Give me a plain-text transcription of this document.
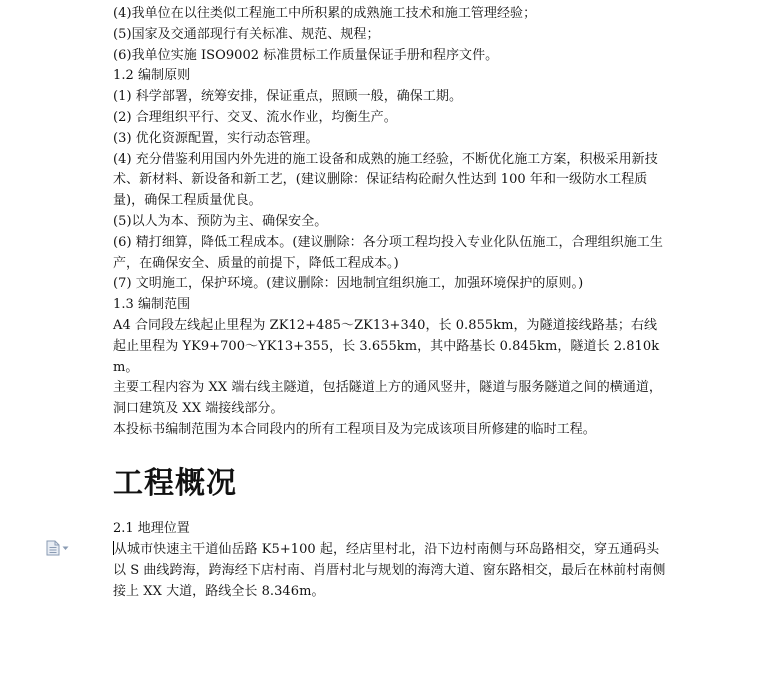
(4)我单位在以往类似工程施工中所积累的成熟施工技术和施工管理经验；

(5)国家及交通部现行有关标准、规范、规程；

(6)我单位实施 ISO9002 标准贯标工作质量保证手册和程序文件。

1.2 编制原则

(1) 科学部署，统筹安排，保证重点，照顾一般，确保工期。

(2) 合理组织平行、交叉、流水作业，均衡生产。

(3) 优化资源配置，实行动态管理。

(4) 充分借鉴利用国内外先进的施工设备和成熟的施工经验，不断优化施工方案，积极采用新技术、新材料、新设备和新工艺，(建议删除：保证结构砼耐久性达到 100 年和一级防水工程质量)，确保工程质量优良。

(5)以人为本、预防为主、确保安全。

(6) 精打细算，降低工程成本。(建议删除：各分项工程均投入专业化队伍施工，合理组织施工生产，在确保安全、质量的前提下，降低工程成本。)

(7) 文明施工，保护环境。(建议删除：因地制宜组织施工，加强环境保护的原则。)

1.3 编制范围

A4 合同段左线起止里程为 ZK12+485～ZK13+340，长 0.855km，为隧道接线路基；右线起止里程为 YK9+700～YK13+355，长 3.655km，其中路基长 0.845km，隧道长 2.810km。

主要工程内容为 XX 端右线主隧道，包括隧道上方的通风竖井，隧道与服务隧道之间的横通道，洞口建筑及 XX 端接线部分。

本投标书编制范围为本合同段内的所有工程项目及为完成该项目所修建的临时工程。

工程概况

2.1 地理位置

从城市快速主干道仙岳路 K5+100 起，经店里村北，沿下边村南侧与环岛路相交，穿五通码头以 S 曲线跨海，跨海经下店村南、肖厝村北与规划的海湾大道、窗东路相交，最后在林前村南侧接上 XX 大道，路线全长 8.346m。
